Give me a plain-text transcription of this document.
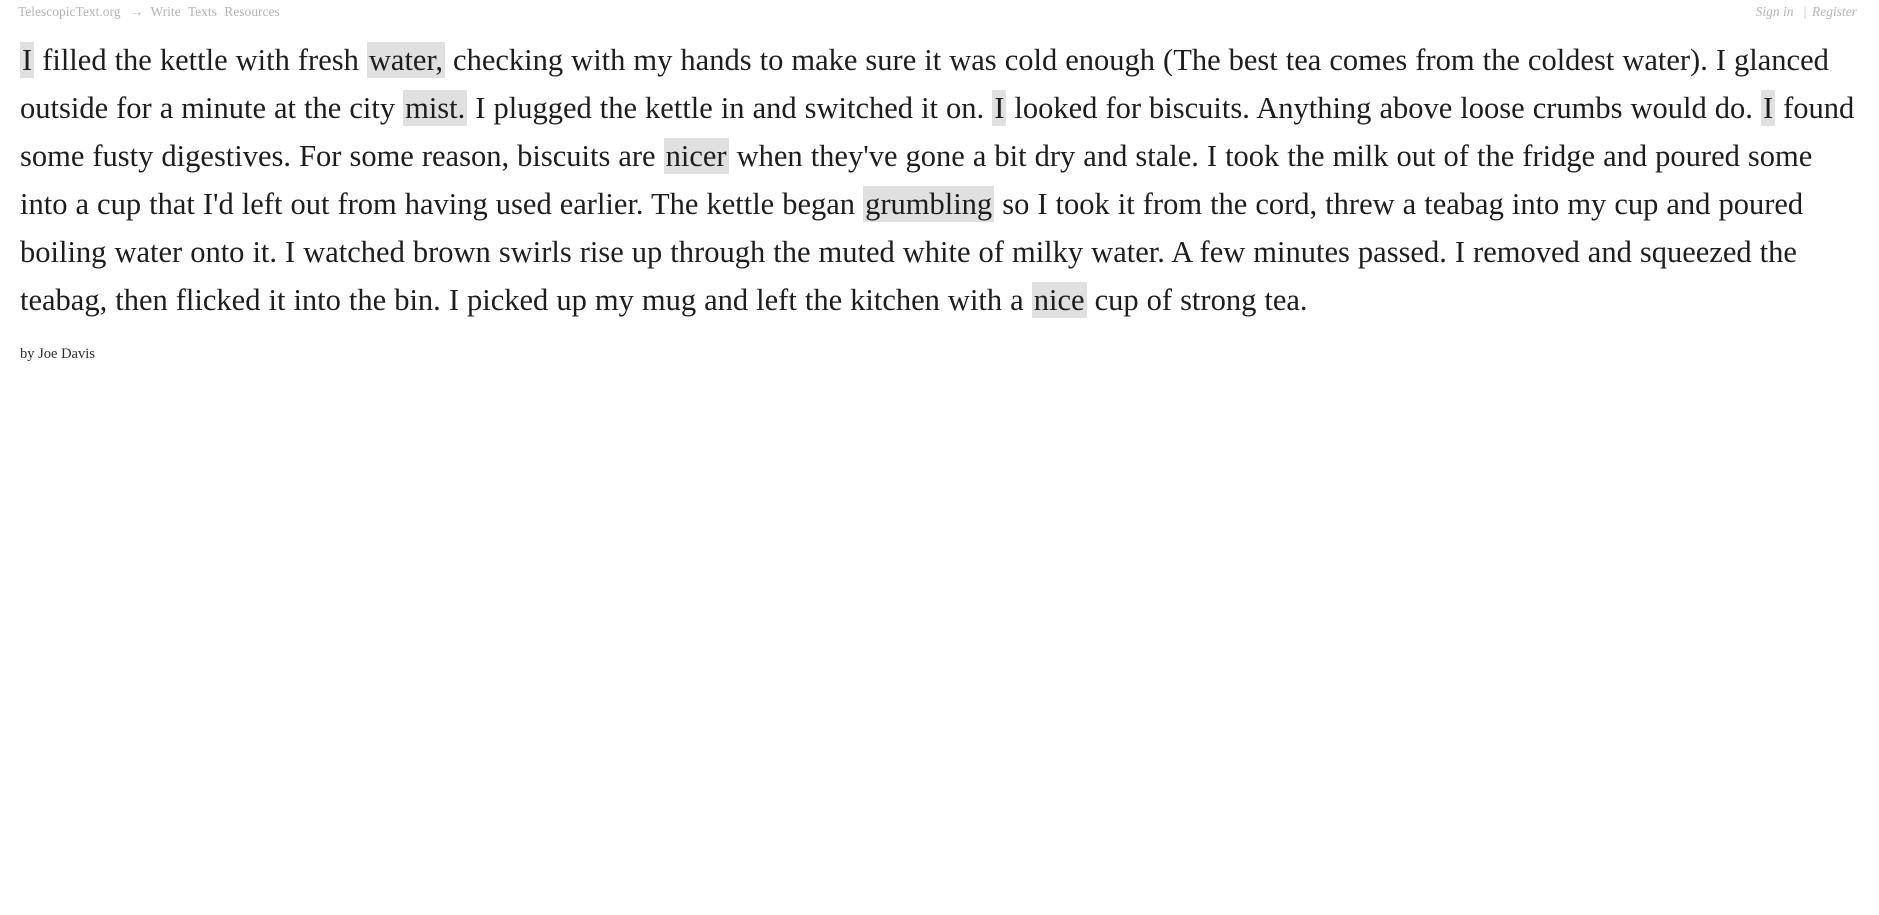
TelescopicText.org → Write Texts Resources	Sign in | Register
I filled the kettle with fresh water, checking with my hands to make sure it was cold enough (The best tea comes from the coldest water). I glanced outside for a minute at the city mist. I plugged the kettle in and switched it on. I looked for biscuits. Anything above loose crumbs would do. I found some fusty digestives. For some reason, biscuits are nicer when they've gone a bit dry and stale. I took the milk out of the fridge and poured some into a cup that I'd left out from having used earlier. The kettle began grumbling so I took it from the cord, threw a teabag into my cup and poured boiling water onto it. I watched brown swirls rise up through the muted white of milky water. A few minutes passed. I removed and squeezed the teabag, then flicked it into the bin. I picked up my mug and left the kitchen with a nice cup of strong tea.
by Joe Davis
